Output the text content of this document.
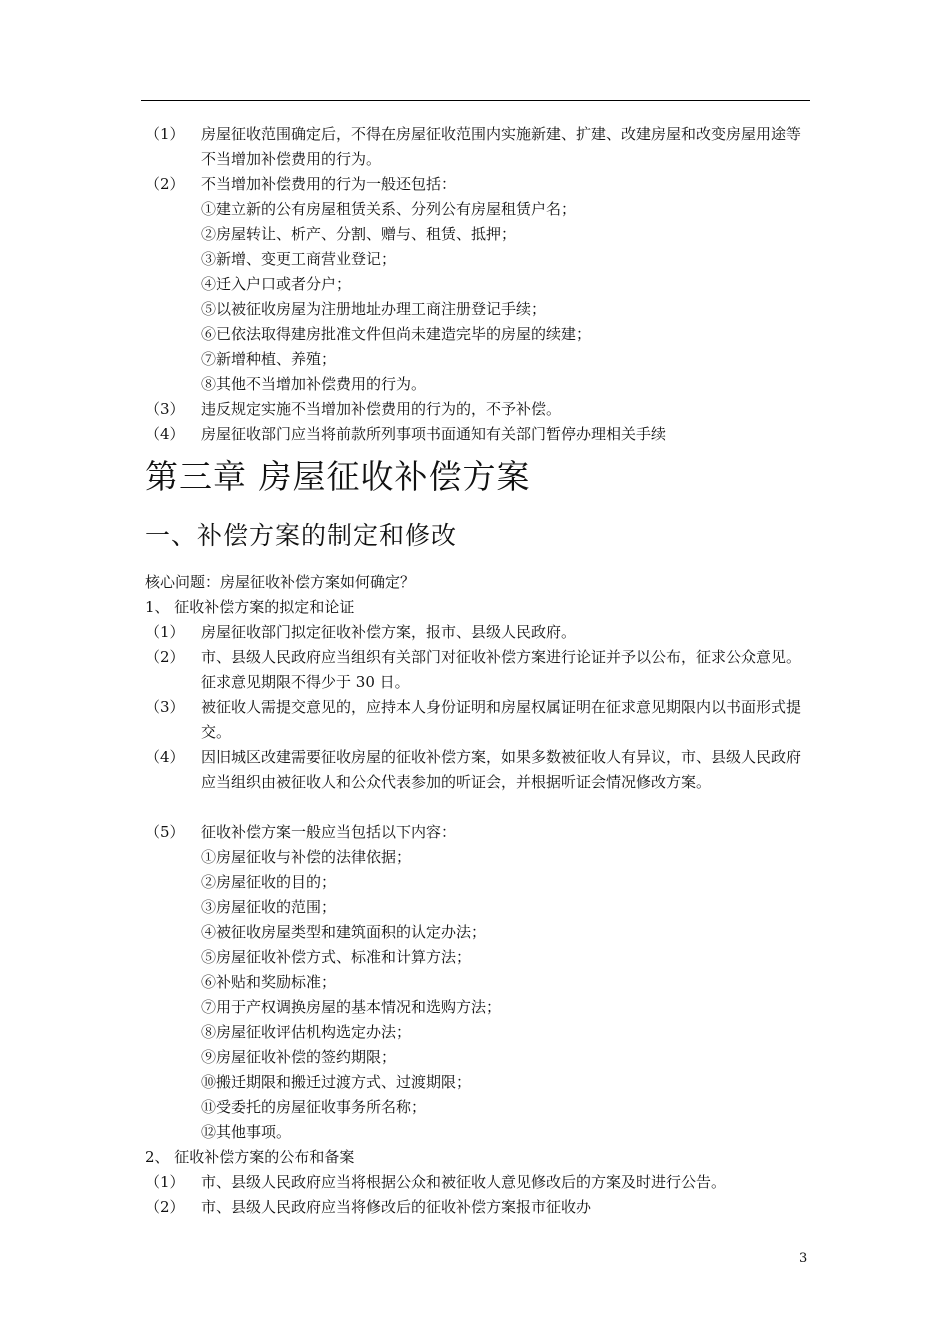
（1） 房屋征收范围确定后，不得在房屋征收范围内实施新建、扩建、改建房屋和改变房屋用途等不当增加补偿费用的行为。
（2） 不当增加补偿费用的行为一般还包括：
①建立新的公有房屋租赁关系、分列公有房屋租赁户名；
②房屋转让、析产、分割、赠与、租赁、抵押；
③新增、变更工商营业登记；
④迁入户口或者分户；
⑤以被征收房屋为注册地址办理工商注册登记手续；
⑥已依法取得建房批准文件但尚未建造完毕的房屋的续建；
⑦新增种植、养殖；
⑧其他不当增加补偿费用的行为。
（3） 违反规定实施不当增加补偿费用的行为的，不予补偿。
（4） 房屋征收部门应当将前款所列事项书面通知有关部门暂停办理相关手续
第三章 房屋征收补偿方案
一、补偿方案的制定和修改
核心问题：房屋征收补偿方案如何确定？
1、 征收补偿方案的拟定和论证
（1） 房屋征收部门拟定征收补偿方案，报市、县级人民政府。
（2） 市、县级人民政府应当组织有关部门对征收补偿方案进行论证并予以公布，征求公众意见。征求意见期限不得少于 30 日。
（3） 被征收人需提交意见的，应持本人身份证明和房屋权属证明在征求意见期限内以书面形式提交。
（4） 因旧城区改建需要征收房屋的征收补偿方案，如果多数被征收人有异议，市、县级人民政府应当组织由被征收人和公众代表参加的听证会，并根据听证会情况修改方案。
（5） 征收补偿方案一般应当包括以下内容：
①房屋征收与补偿的法律依据；
②房屋征收的目的；
③房屋征收的范围；
④被征收房屋类型和建筑面积的认定办法；
⑤房屋征收补偿方式、标准和计算方法；
⑥补贴和奖励标准；
⑦用于产权调换房屋的基本情况和选购方法；
⑧房屋征收评估机构选定办法；
⑨房屋征收补偿的签约期限；
⑩搬迁期限和搬迁过渡方式、过渡期限；
⑪受委托的房屋征收事务所名称；
⑫其他事项。
2、 征收补偿方案的公布和备案
（1） 市、县级人民政府应当将根据公众和被征收人意见修改后的方案及时进行公告。
（2） 市、县级人民政府应当将修改后的征收补偿方案报市征收办
3
